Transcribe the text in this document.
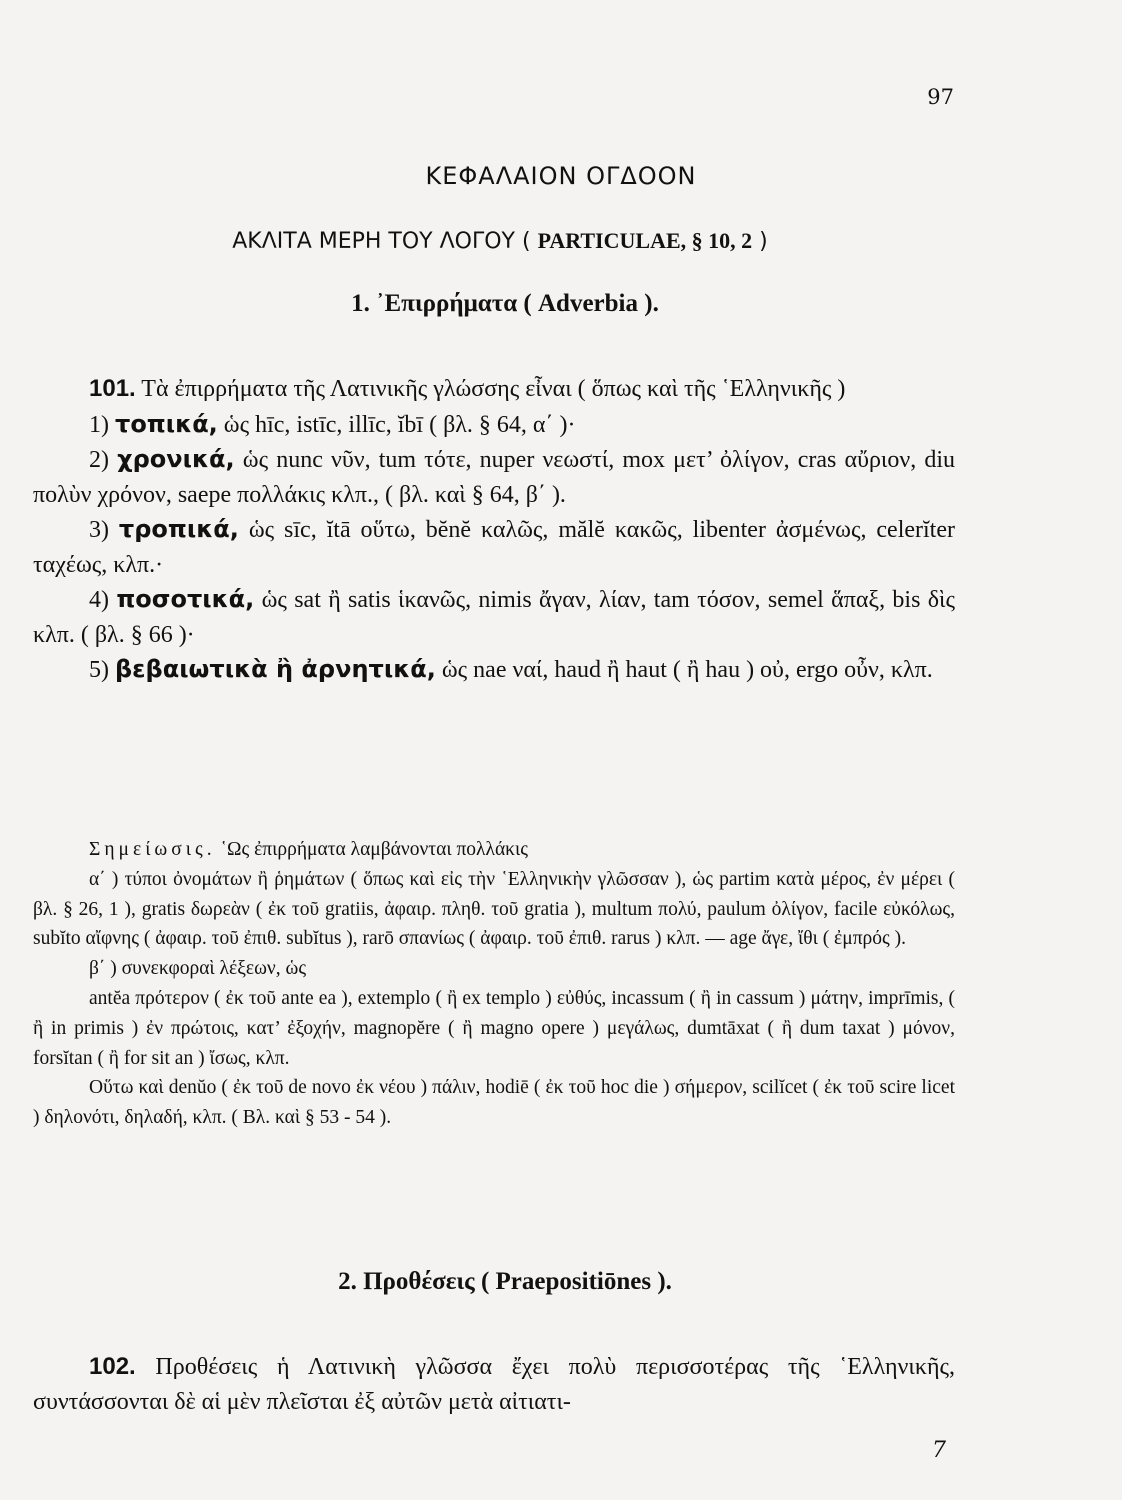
97
ΚΕΦΑΛΑΙΟΝ ΟΓΔΟΟΝ
ΑΚΛΙΤΑ ΜΕΡΗ ΤΟΥ ΛΟΓΟΥ ( PARTICULAE, § 10, 2 )
1. ᾿Επιρρήματα ( Adverbia ).

101. Τὰ ἐπιρρήματα τῆς Λατινικῆς γλώσσης εἶναι ( ὅπως καὶ τῆς ῾Ελληνικῆς )

1) τοπικά, ὡς hīc, istīc, illīc, ĭbī ( βλ. § 64, α΄ )·

2) χρονικά, ὡς nunc νῦν, tum τότε, nuper νεωστί, mox μετ’ ὀλίγον, cras αὔριον, diu πολὺν χρόνον, saepe πολλάκις κλπ., ( βλ. καὶ § 64, β΄ ).

3) τροπικά, ὡς sīc, ĭtā οὕτω, bĕnĕ καλῶς, mălĕ κακῶς, libenter ἀσμένως, celerĭter ταχέως, κλπ.·

4) ποσοτικά, ὡς sat ἢ satis ἱκανῶς, nimis ἄγαν, λίαν, tam τόσον, semel ἅπαξ, bis δὶς κλπ. ( βλ. § 66 )·

5) βεβαιωτικὰ ἢ ἀρνητικά, ὡς nae ναί, haud ἢ haut ( ἢ hau ) οὐ, ergo οὖν, κλπ.

Σημείωσις. ῾Ως ἐπιρρήματα λαμβάνονται πολλάκις

α΄ ) τύποι ὀνομάτων ἢ ῥημάτων ( ὅπως καὶ εἰς τὴν ῾Ελληνικὴν γλῶσσαν ), ὡς partim κατὰ μέρος, ἐν μέρει ( βλ. § 26, 1 ), gratis δωρεὰν ( ἐκ τοῦ gratiis, ἀφαιρ. πληθ. τοῦ gratia ), multum πολύ, paulum ὀλίγον, facile εὐκόλως, subĭto αἴφνης ( ἀφαιρ. τοῦ ἐπιθ. subĭtus ), rarō σπανίως ( ἀφαιρ. τοῦ ἐπιθ. rarus ) κλπ. — age ἄγε, ἴθι ( ἐμπρός ).

β΄ ) συνεκφοραὶ λέξεων, ὡς

antĕa πρότερον ( ἐκ τοῦ ante ea ), extemplo ( ἢ ex templo ) εὐθύς, incassum ( ἢ in cassum ) μάτην, imprīmis, ( ἢ in primis ) ἐν πρώτοις, κατ’ ἐξοχήν, magnopĕre ( ἢ magno opere ) μεγάλως, dumtāxat ( ἢ dum taxat ) μόνον, forsĭtan ( ἢ for sit an ) ἴσως, κλπ.

Οὕτω καὶ denŭo ( ἐκ τοῦ de novo ἐκ νέου ) πάλιν, hodiē ( ἐκ τοῦ hoc die ) σήμερον, scilĭcet ( ἐκ τοῦ scire licet ) δηλονότι, δηλαδή, κλπ. ( Βλ. καὶ § 53 - 54 ).

2. Προθέσεις ( Praepositiōnes ).

102. Προθέσεις ἡ Λατινικὴ γλῶσσα ἔχει πολὺ περισσοτέρας τῆς ῾Ελληνικῆς, συντάσσονται δὲ αἱ μὲν πλεῖσται ἐξ αὐτῶν μετὰ αἰτιατι-

7
